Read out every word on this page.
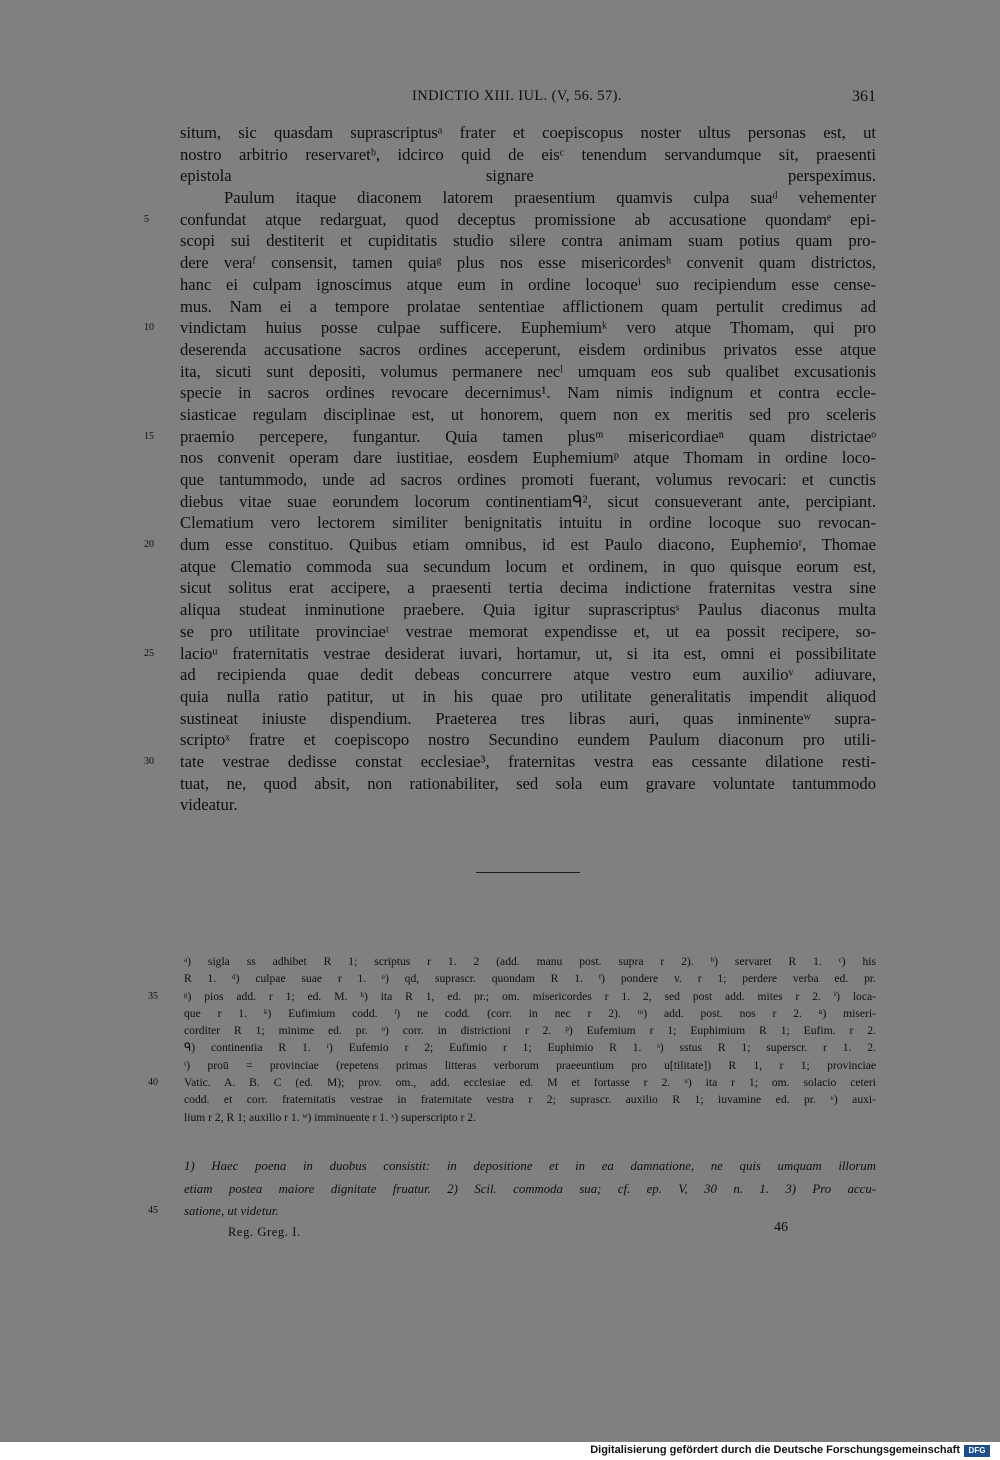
INDICTIO XIII. IUL. (V, 56. 57).	361
situm, sic quasdam suprascriptusᵃ frater et coepiscopus noster ultus personas est, ut
nostro arbitrio reservaretᵇ, idcirco quid de eisᶜ tenendum servandumque sit, praesenti
epistola signare perspeximus.
Paulum itaque diaconem latorem praesentium quamvis culpa suaᵈ vehementer
5	confundat atque redarguat, quod deceptus promissione ab accusatione quondamᵉ epi-
scopi sui destiterit et cupiditatis studio silere contra animam suam potius quam pro-
dere veraᶠ consensit, tamen quiaᵍ plus nos esse misericordesʰ convenit quam districtos,
hanc ei culpam ignoscimus atque eum in ordine locoqueⁱ suo recipiendum esse cense-
mus. Nam ei a tempore prolatae sententiae afflictionem quam pertulit credimus ad
10	vindictam huius posse culpae sufficere. Euphemiumᵏ vero atque Thomam, qui pro
deserenda accusatione sacros ordines acceperunt, eisdem ordinibus privatos esse atque
ita, sicuti sunt depositi, volumus permanere necˡ umquam eos sub qualibet excusationis
specie in sacros ordines revocare decernimus¹. Nam nimis indignum et contra eccle-
siasticae regulam disciplinae est, ut honorem, quem non ex meritis sed pro sceleris
15	praemio percepere, fungantur. Quia tamen plusᵐ misericordiaeⁿ quam districtaeᵒ
nos convenit operam dare iustitiae, eosdem Euphemiumᵖ atque Thomam in ordine loco-
que tantummodo, unde ad sacros ordines promoti fuerant, volumus revocari: et cunctis
diebus vitae suae eorundem locorum continentiamᑫ², sicut consueverant ante, percipiant.
Clematium vero lectorem similiter benignitatis intuitu in ordine locoque suo revocan-
20	dum esse constituo. Quibus etiam omnibus, id est Paulo diacono, Euphemioʳ, Thomae
atque Clematio commoda sua secundum locum et ordinem, in quo quisque eorum est,
sicut solitus erat accipere, a praesenti tertia decima indictione fraternitas vestra sine
aliqua studeat inminutione praebere. Quia igitur suprascriptusˢ Paulus diaconus multa
se pro utilitate provinciaeᵗ vestrae memorat expendisse et, ut ea possit recipere, so-
25	lacioᵘ fraternitatis vestrae desiderat iuvari, hortamur, ut, si ita est, omni ei possibilitate
ad recipienda quae dedit debeas concurrere atque vestro eum auxilioᵛ adiuvare,
quia nulla ratio patitur, ut in his quae pro utilitate generalitatis impendit aliquod
sustineat iniuste dispendium. Praeterea tres libras auri, quas inminenteʷ supra-
scriptoˣ fratre et coepiscopo nostro Secundino eundem Paulum diaconum pro utili-
30	tate vestrae dedisse constat ecclesiae³, fraternitas vestra eas cessante dilatione resti-
tuat, ne, quod absit, non rationabiliter, sed sola eum gravare voluntate tantummodo
videatur.
ᵃ) sigla ss adhibet R 1; scriptus r 1. 2 (add. manu post. supra r 2). ᵇ) servaret R 1. ᶜ) his
R 1. ᵈ) culpae suae r 1. ᵉ) qd, suprascr. quondam R 1. ᶠ) pondere v. r 1; perdere verba ed. pr.
35	ᵍ) pios add. r 1; ed. M. ʰ) ita R 1, ed. pr.; om. misericordes r 1. 2, sed post add. mites r 2. ⁱ) loca-
que r 1. ᵏ) Eufimium codd. ˡ) ne codd. (corr. in nec r 2). ᵐ) add. post. nos r 2. ⁿ) miseri-
corditer R 1; minime ed. pr. ᵒ) corr. in districtioni r 2. ᵖ) Eufemium r 1; Euphimium R 1; Eufim. r 2.
ᑫ) continentia R 1. ʳ) Eufemio r 2; Eufimio r 1; Euphimio R 1. ˢ) sstus R 1; superscr. r 1. 2.
ᵗ) proū = provinciae (repetens primas litteras verborum praeeuntium pro u[tilitate]) R 1, r 1; provinciae
40	Vatic. A. B. C (ed. M); prov. om., add. ecclesiae ed. M et fortasse r 2. ᵘ) ita r 1; om. solacio ceteri
codd. et corr. fraternitatis vestrae in fraternitate vestra r 2; suprascr. auxilio R 1; iuvamine ed. pr. ᵛ) auxi-
lium r 2, R 1; auxilio r 1. ʷ) imminuente r 1. ˣ) superscripto r 2.
1) Haec poena in duobus consistit: in depositione et in ea damnatione, ne quis umquam illorum
etiam postea maiore dignitate fruatur. 2) Scil. commoda sua; cf. ep. V, 30 n. 1. 3) Pro accu-
45 satione, ut videtur.
Reg. Greg. I.	46
Digitalisierung gefördert durch die Deutsche Forschungsgemeinschaft	DFG
